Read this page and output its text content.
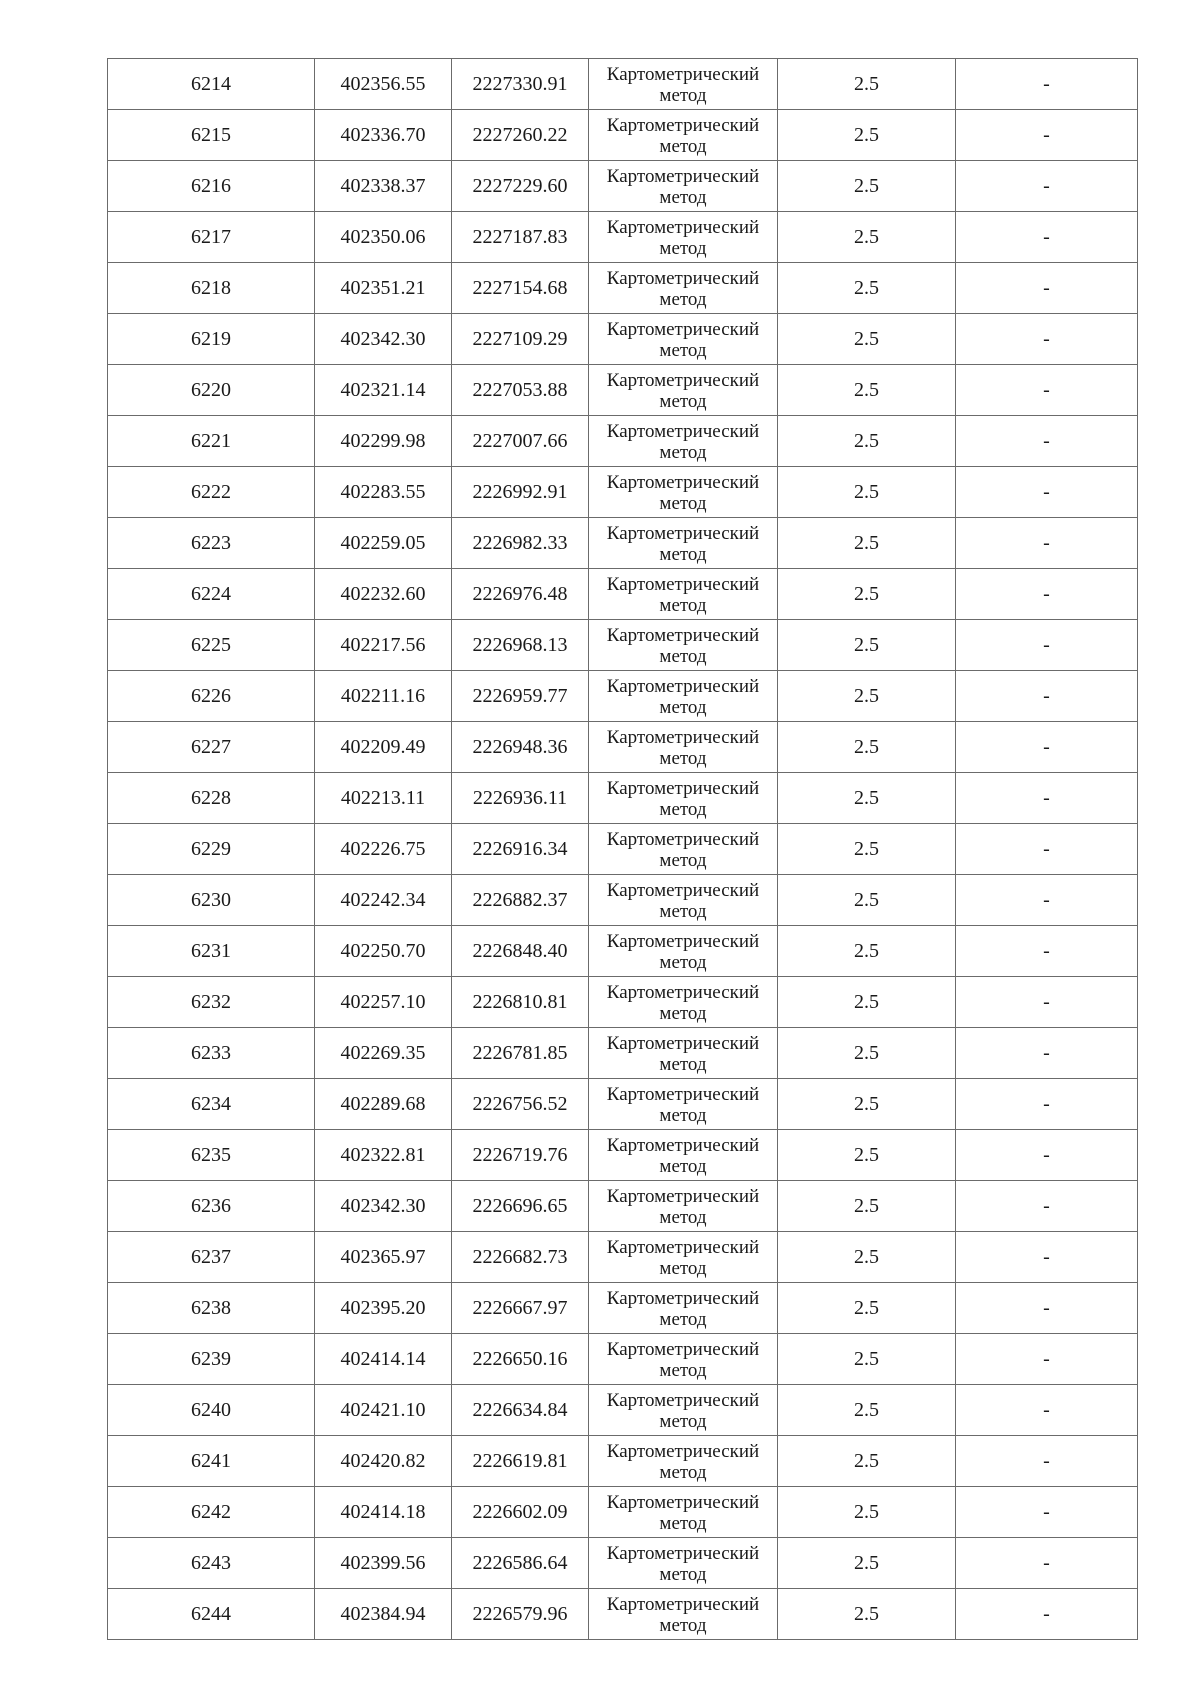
6214	402356.55	2227330.91	Картометрический метод	2.5	-
6215	402336.70	2227260.22	Картометрический метод	2.5	-
6216	402338.37	2227229.60	Картометрический метод	2.5	-
6217	402350.06	2227187.83	Картометрический метод	2.5	-
6218	402351.21	2227154.68	Картометрический метод	2.5	-
6219	402342.30	2227109.29	Картометрический метод	2.5	-
6220	402321.14	2227053.88	Картометрический метод	2.5	-
6221	402299.98	2227007.66	Картометрический метод	2.5	-
6222	402283.55	2226992.91	Картометрический метод	2.5	-
6223	402259.05	2226982.33	Картометрический метод	2.5	-
6224	402232.60	2226976.48	Картометрический метод	2.5	-
6225	402217.56	2226968.13	Картометрический метод	2.5	-
6226	402211.16	2226959.77	Картометрический метод	2.5	-
6227	402209.49	2226948.36	Картометрический метод	2.5	-
6228	402213.11	2226936.11	Картометрический метод	2.5	-
6229	402226.75	2226916.34	Картометрический метод	2.5	-
6230	402242.34	2226882.37	Картометрический метод	2.5	-
6231	402250.70	2226848.40	Картометрический метод	2.5	-
6232	402257.10	2226810.81	Картометрический метод	2.5	-
6233	402269.35	2226781.85	Картометрический метод	2.5	-
6234	402289.68	2226756.52	Картометрический метод	2.5	-
6235	402322.81	2226719.76	Картометрический метод	2.5	-
6236	402342.30	2226696.65	Картометрический метод	2.5	-
6237	402365.97	2226682.73	Картометрический метод	2.5	-
6238	402395.20	2226667.97	Картометрический метод	2.5	-
6239	402414.14	2226650.16	Картометрический метод	2.5	-
6240	402421.10	2226634.84	Картометрический метод	2.5	-
6241	402420.82	2226619.81	Картометрический метод	2.5	-
6242	402414.18	2226602.09	Картометрический метод	2.5	-
6243	402399.56	2226586.64	Картометрический метод	2.5	-
6244	402384.94	2226579.96	Картометрический метод	2.5	-
